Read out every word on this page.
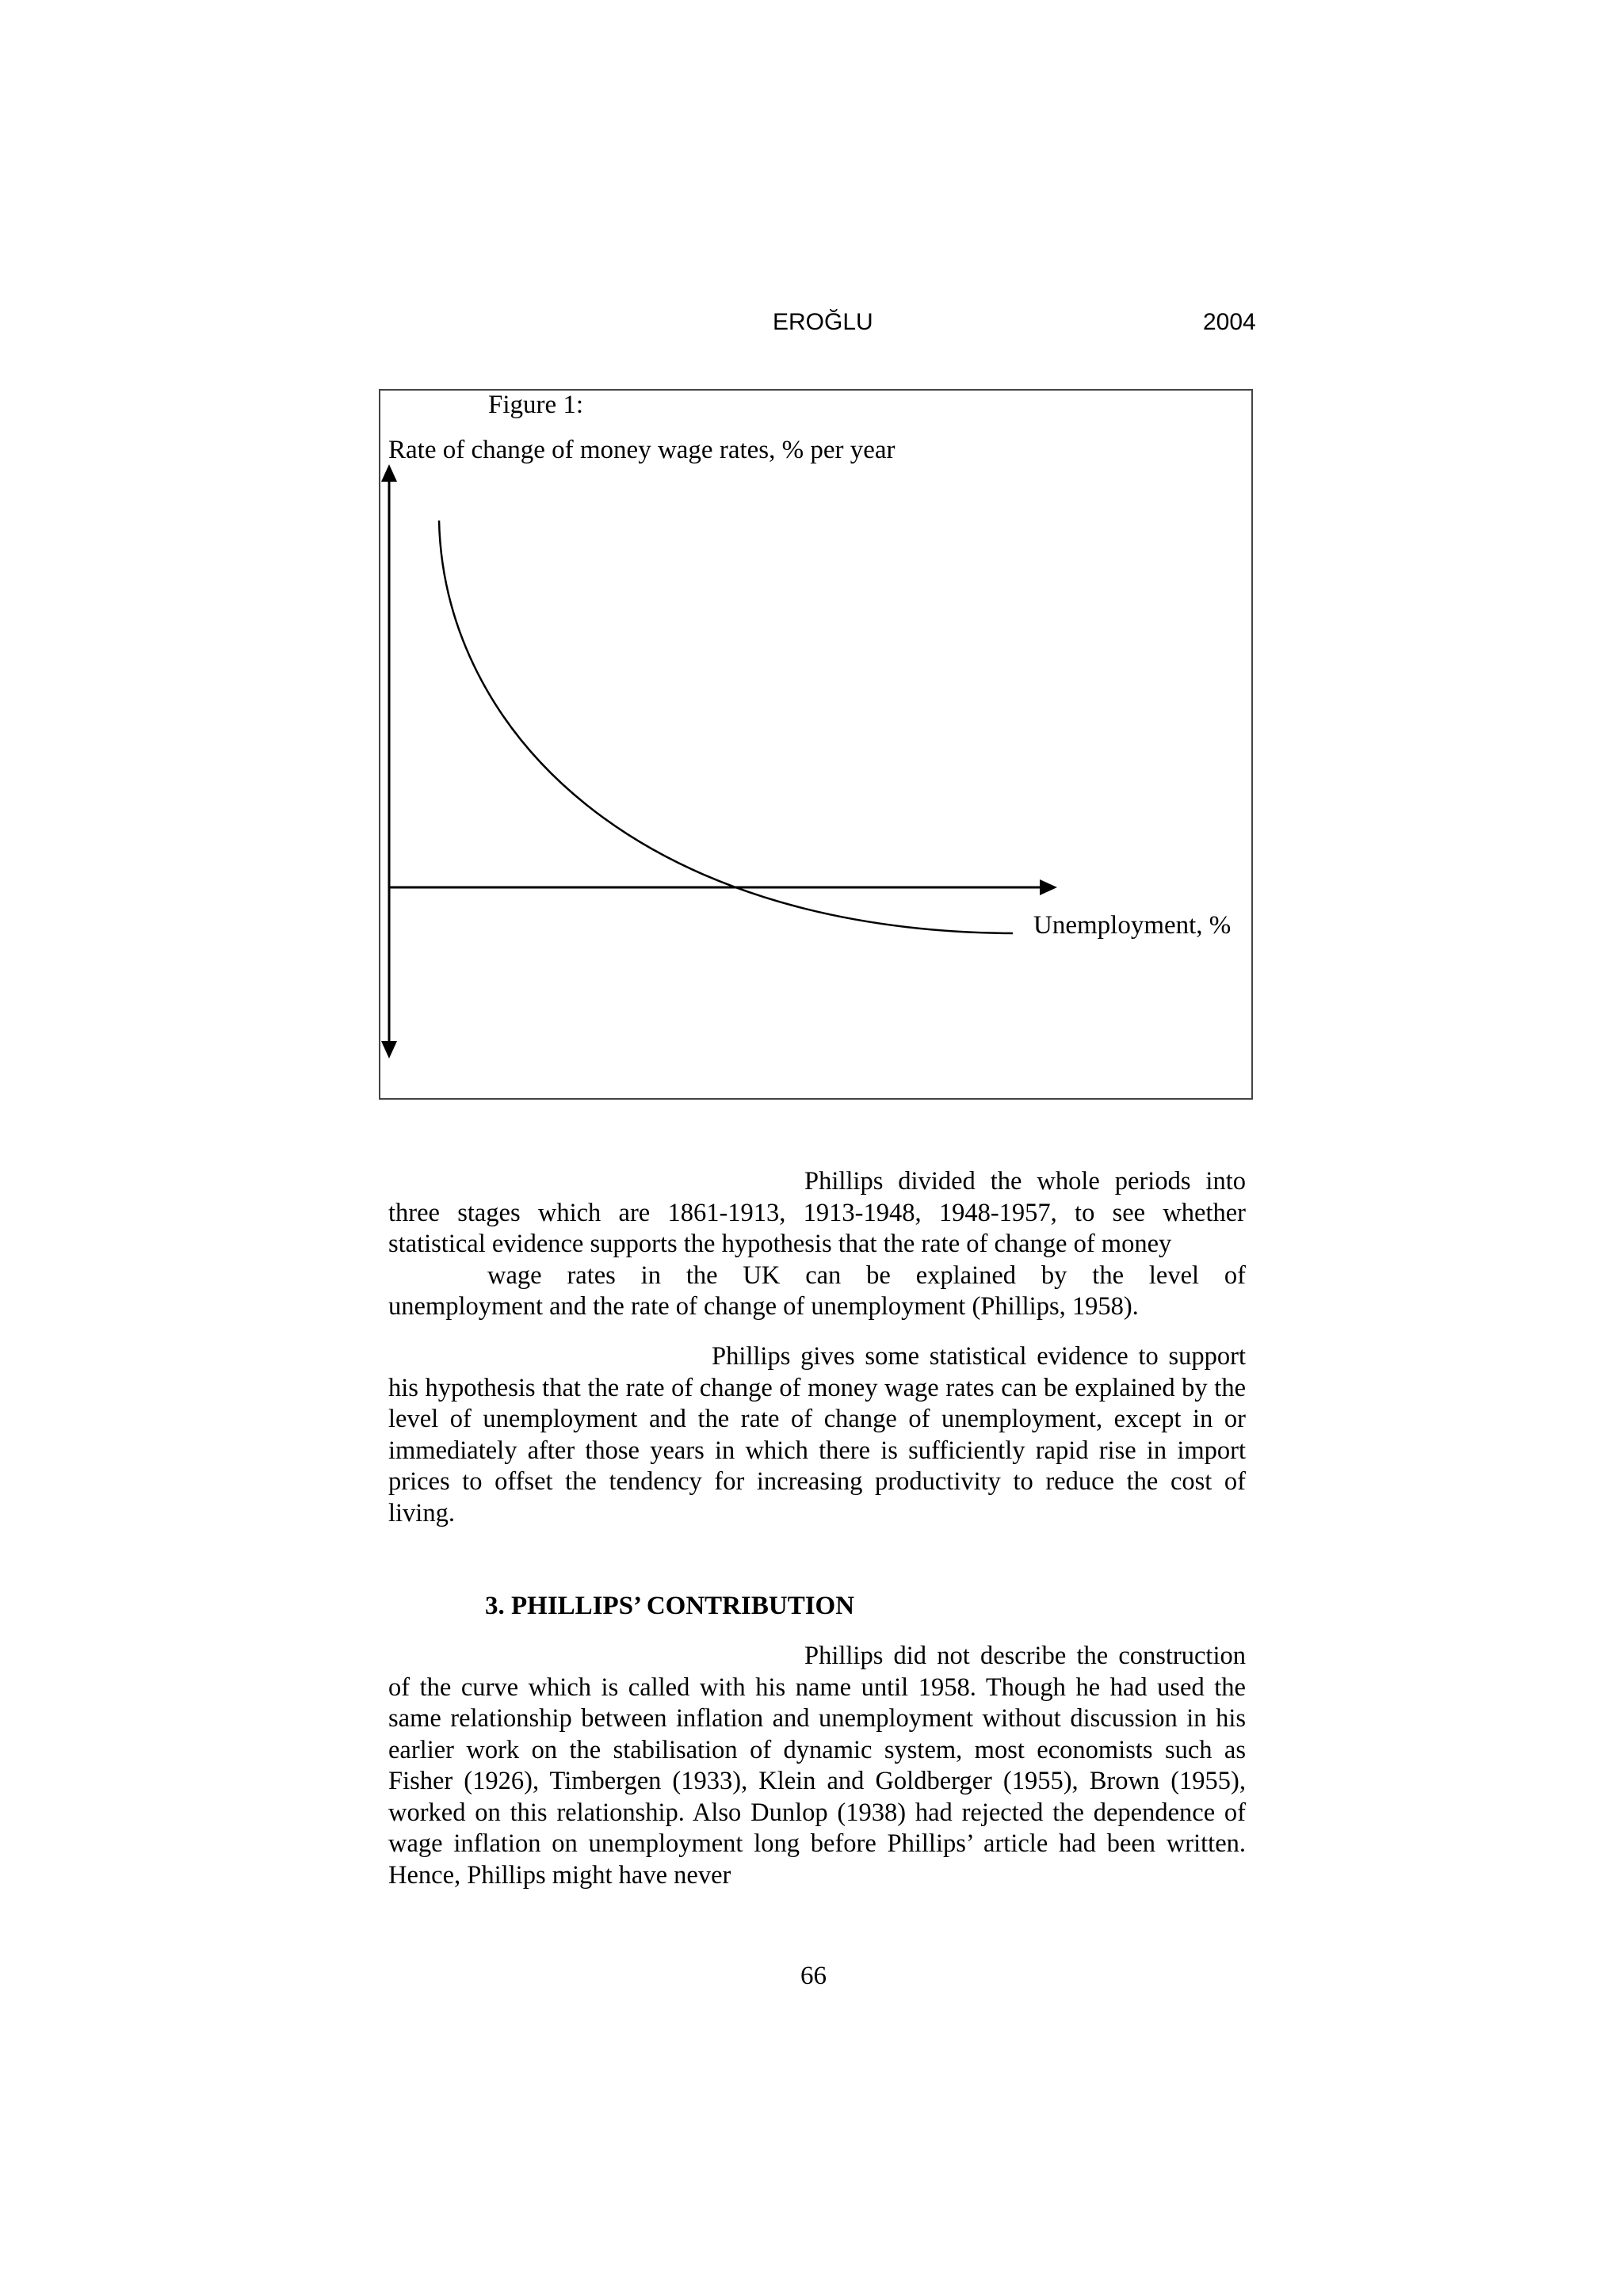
EROĞLU	2004
Figure 1:
Rate of change of money wage rates, % per year
Unemployment, %
Phillips divided the whole periods into three stages which are 1861-1913, 1913-1948, 1948-1957, to see whether statistical evidence supports the hypothesis that the rate of change of money
wage rates in the UK can be explained by the level of
unemployment and the rate of change of unemployment (Phillips, 1958).
Phillips gives some statistical evidence to support his hypothesis that the rate of change of money wage rates can be explained by the level of unemployment and the rate of change of unemployment, except in or immediately after those years in which there is sufficiently rapid rise in import prices to offset the tendency for increasing productivity to reduce the cost of living.
3. PHILLIPS’ CONTRIBUTION
Phillips did not describe the construction of the curve which is called with his name until 1958. Though he had used the same relationship between inflation and unemployment without discussion in his earlier work on the stabilisation of dynamic system, most economists such as Fisher (1926), Timbergen (1933), Klein and Goldberger (1955), Brown (1955), worked on this relationship. Also Dunlop (1938) had rejected the dependence of wage inflation on unemployment long before Phillips’ article had been written. Hence, Phillips might have never
66
